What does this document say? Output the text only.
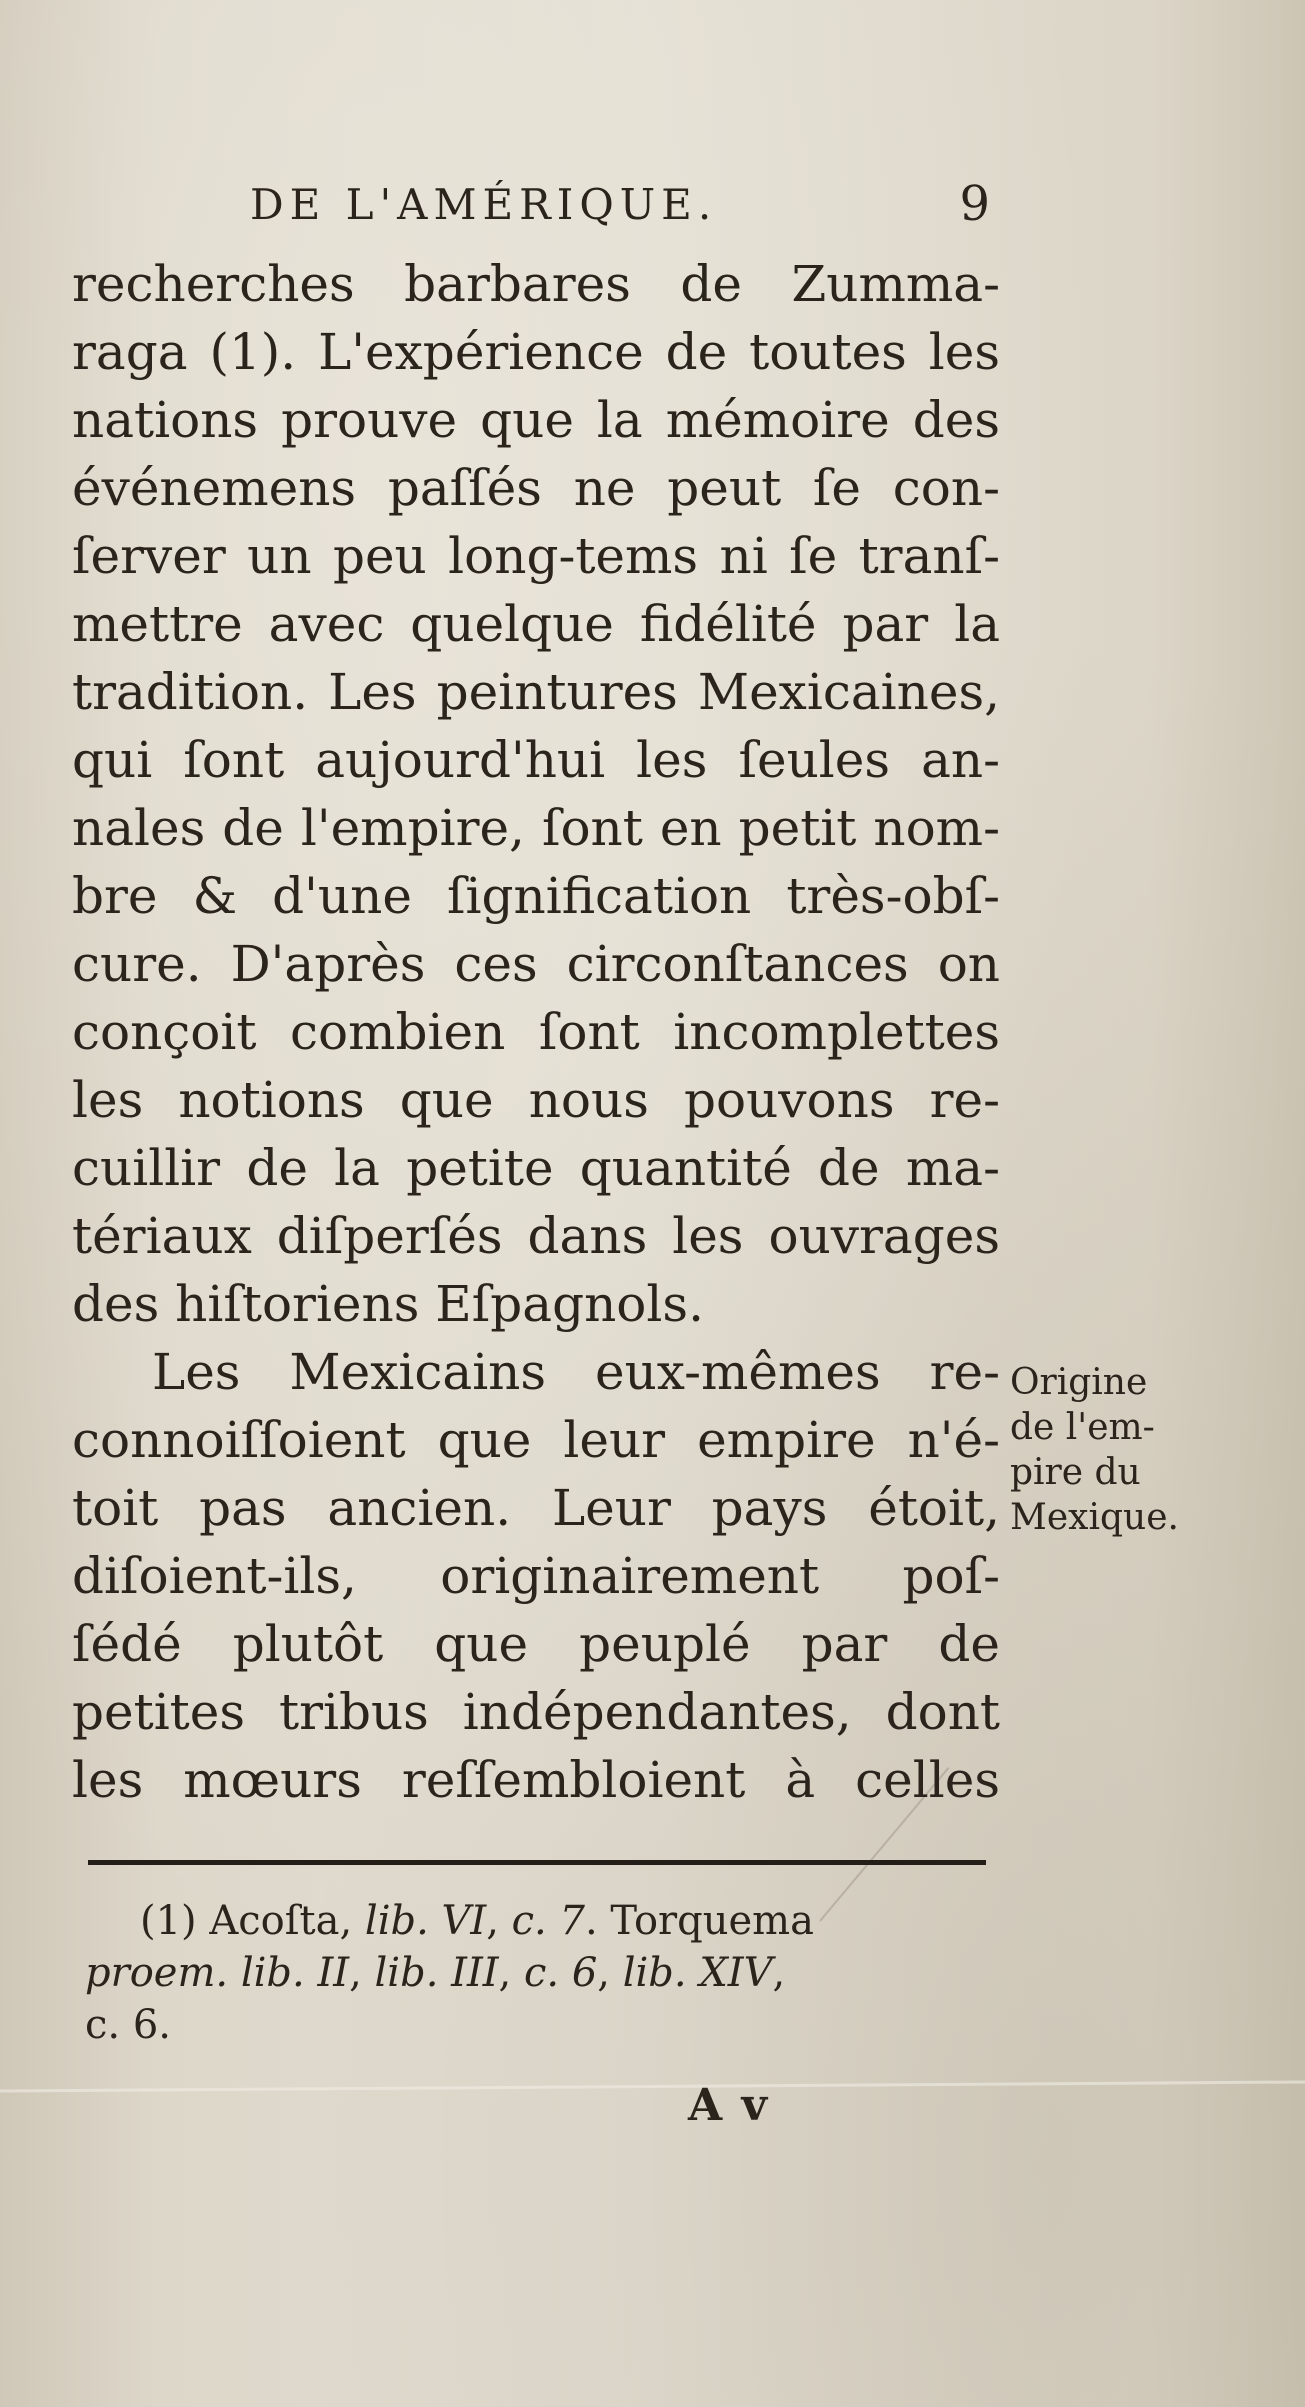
DE L'AMÉRIQUE.	9
recherches barbares de Zumma-
raga (1). L'expérience de toutes les
nations prouve que la mémoire des
événemens paſſés ne peut ſe con-
ſerver un peu long-tems ni ſe tranſ-
mettre avec quelque fidélité par la
tradition. Les peintures Mexicaines,
qui ſont aujourd'hui les ſeules an-
nales de l'empire, ſont en petit nom-
bre & d'une ſignification très-obſ-
cure. D'après ces circonſtances on
conçoit combien ſont incomplettes
les notions que nous pouvons re-
cuillir de la petite quantité de ma-
tériaux diſperſés dans les ouvrages
des hiſtoriens Eſpagnols.
Les Mexicains eux-mêmes re-
connoiſſoient que leur empire n'é-
toit pas ancien. Leur pays étoit,
diſoient-ils, originairement poſ-
ſédé plutôt que peuplé par de
petites tribus indépendantes, dont
les mœurs reſſembloient à celles
Origine
de l'em-
pire du
Mexique.
(1) Acoſta, lib. VI, c. 7. Torquema
proem. lib. II, lib. III, c. 6, lib. XIV,
c. 6.
A v
